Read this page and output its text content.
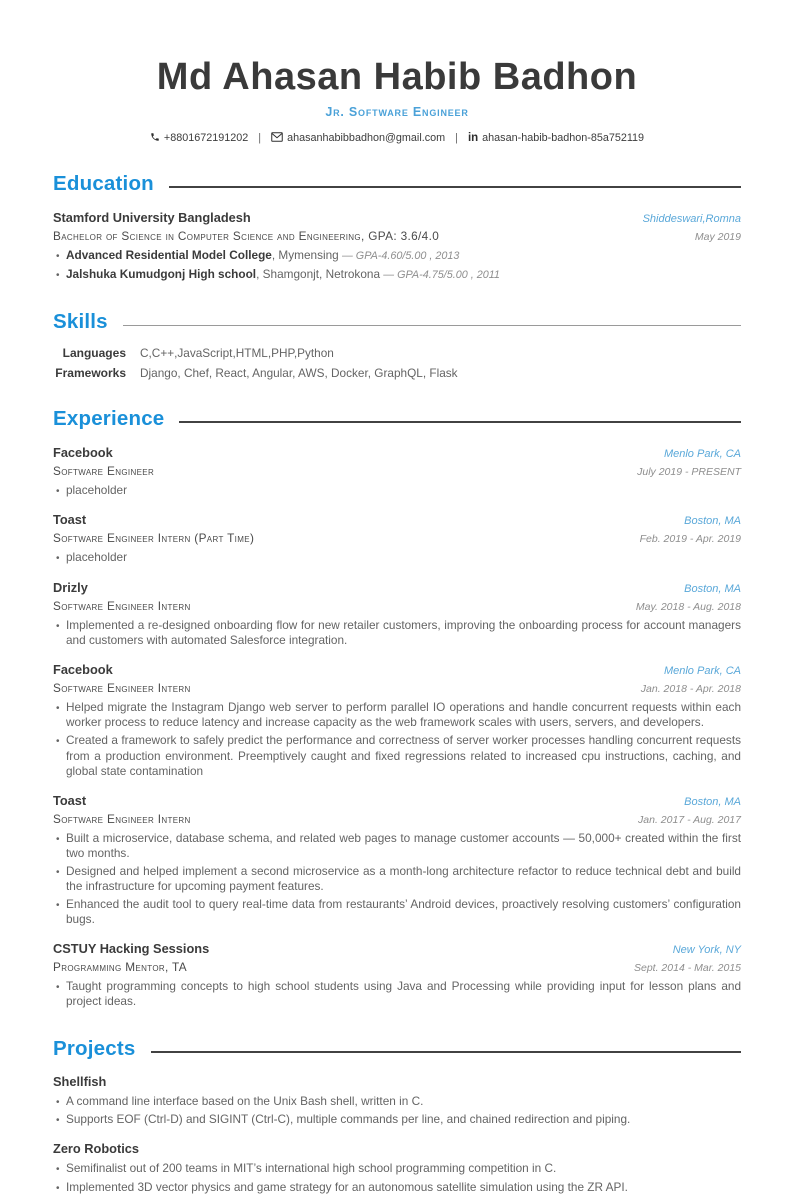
Md Ahasan Habib Badhon
Jr. Software Engineer
+8801672191202 | ahasanhabibbadhon@gmail.com | in ahasan-habib-badhon-85a752119
Education
Stamford University Bangladesh	Shiddeswari,Romna
Bachelor of Science in Computer Science and Engineering, GPA: 3.6/4.0	May 2019
•
Advanced Residential Model College, Mymensing — GPA-4.60/5.00 , 2013
•
Jalshuka Kumudgonj High school, Shamgonjt, Netrokona — GPA-4.75/5.00 , 2011
Skills
Languages C,C++,JavaScript,HTML,PHP,Python
Frameworks Django, Chef, React, Angular, AWS, Docker, GraphQL, Flask
Experience
Facebook	Menlo Park, CA
Software Engineer	July 2019 - PRESENT
•
placeholder
Toast	Boston, MA
Software Engineer Intern (Part Time)	Feb. 2019 - Apr. 2019
•
placeholder
Drizly	Boston, MA
Software Engineer Intern	May. 2018 - Aug. 2018
•
Implemented a re-designed onboarding flow for new retailer customers, improving the onboarding process for account managers and customers with automated Salesforce integration.
Facebook	Menlo Park, CA
Software Engineer Intern	Jan. 2018 - Apr. 2018
•
Helped migrate the Instagram Django web server to perform parallel IO operations and handle concurrent requests within each worker process to reduce latency and increase capacity as the web framework scales with users, servers, and developers.
•
Created a framework to safely predict the performance and correctness of server worker processes handling concurrent requests from a production environment. Preemptively caught and fixed regressions related to increased cpu instructions, caching, and global state contamination
Toast	Boston, MA
Software Engineer Intern	Jan. 2017 - Aug. 2017
•
Built a microservice, database schema, and related web pages to manage customer accounts — 50,000+ created within the first two months.
•
Designed and helped implement a second microservice as a month-long architecture refactor to reduce technical debt and build the infrastructure for upcoming payment features.
•
Enhanced the audit tool to query real-time data from restaurants’ Android devices, proactively resolving customers’ configuration bugs.
CSTUY Hacking Sessions	New York, NY
Programming Mentor, TA	Sept. 2014 - Mar. 2015
•
Taught programming concepts to high school students using Java and Processing while providing input for lesson plans and project ideas.
Projects
Shellfish
•
A command line interface based on the Unix Bash shell, written in C.
•
Supports EOF (Ctrl-D) and SIGINT (Ctrl-C), multiple commands per line, and chained redirection and piping.
Zero Robotics
•
Semifinalist out of 200 teams in MIT’s international high school programming competition in C.
•
Implemented 3D vector physics and game strategy for an autonomous satellite simulation using the ZR API.
